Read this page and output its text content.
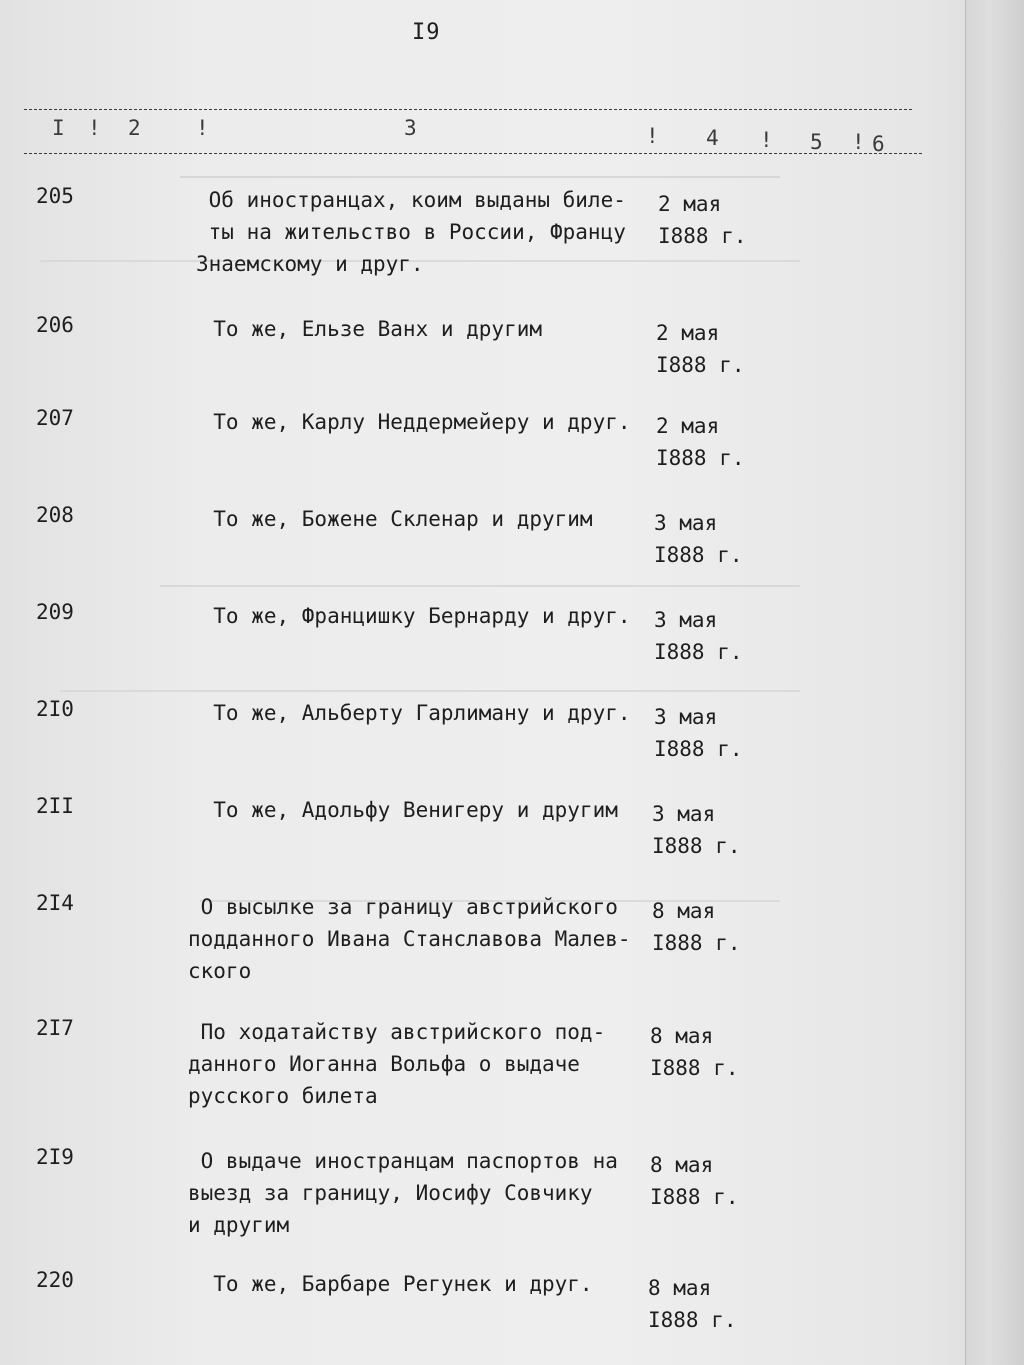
I9
I ! 2	!	3	! 4 ! 5 ! 6
205	Об иностранцах, коим выданы биле-
ты на жительство в России, Францу
Знаемскому и друг.
2 мая
I888 г.
206	То же, Ельзе Ванх и другим	2 мая
I888 г.
207	То же, Карлу Неддермейеру и друг.	2 мая
I888 г.
208	То же, Божене Скленар и другим	3 мая
I888 г.
209	То же, Францишку Бернарду и друг.	3 мая
I888 г.
2I0	То же, Альберту Гарлиману и друг.	3 мая
I888 г.
2II	То же, Адольфу Венигеру и другим	3 мая
I888 г.
2I4	О высылке за границу австрийского
подданного Ивана Станславова Малев-
ского
8 мая
I888 г.
2I7	По ходатайству австрийского под-
данного Иоганна Вольфа о выдаче
русского билета
8 мая
I888 г.
2I9	О выдаче иностранцам паспортов на
выезд за границу, Иосифу Совчику
и другим
8 мая
I888 г.
220	То же, Барбаре Регунек и друг.	8 мая
I888 г.
